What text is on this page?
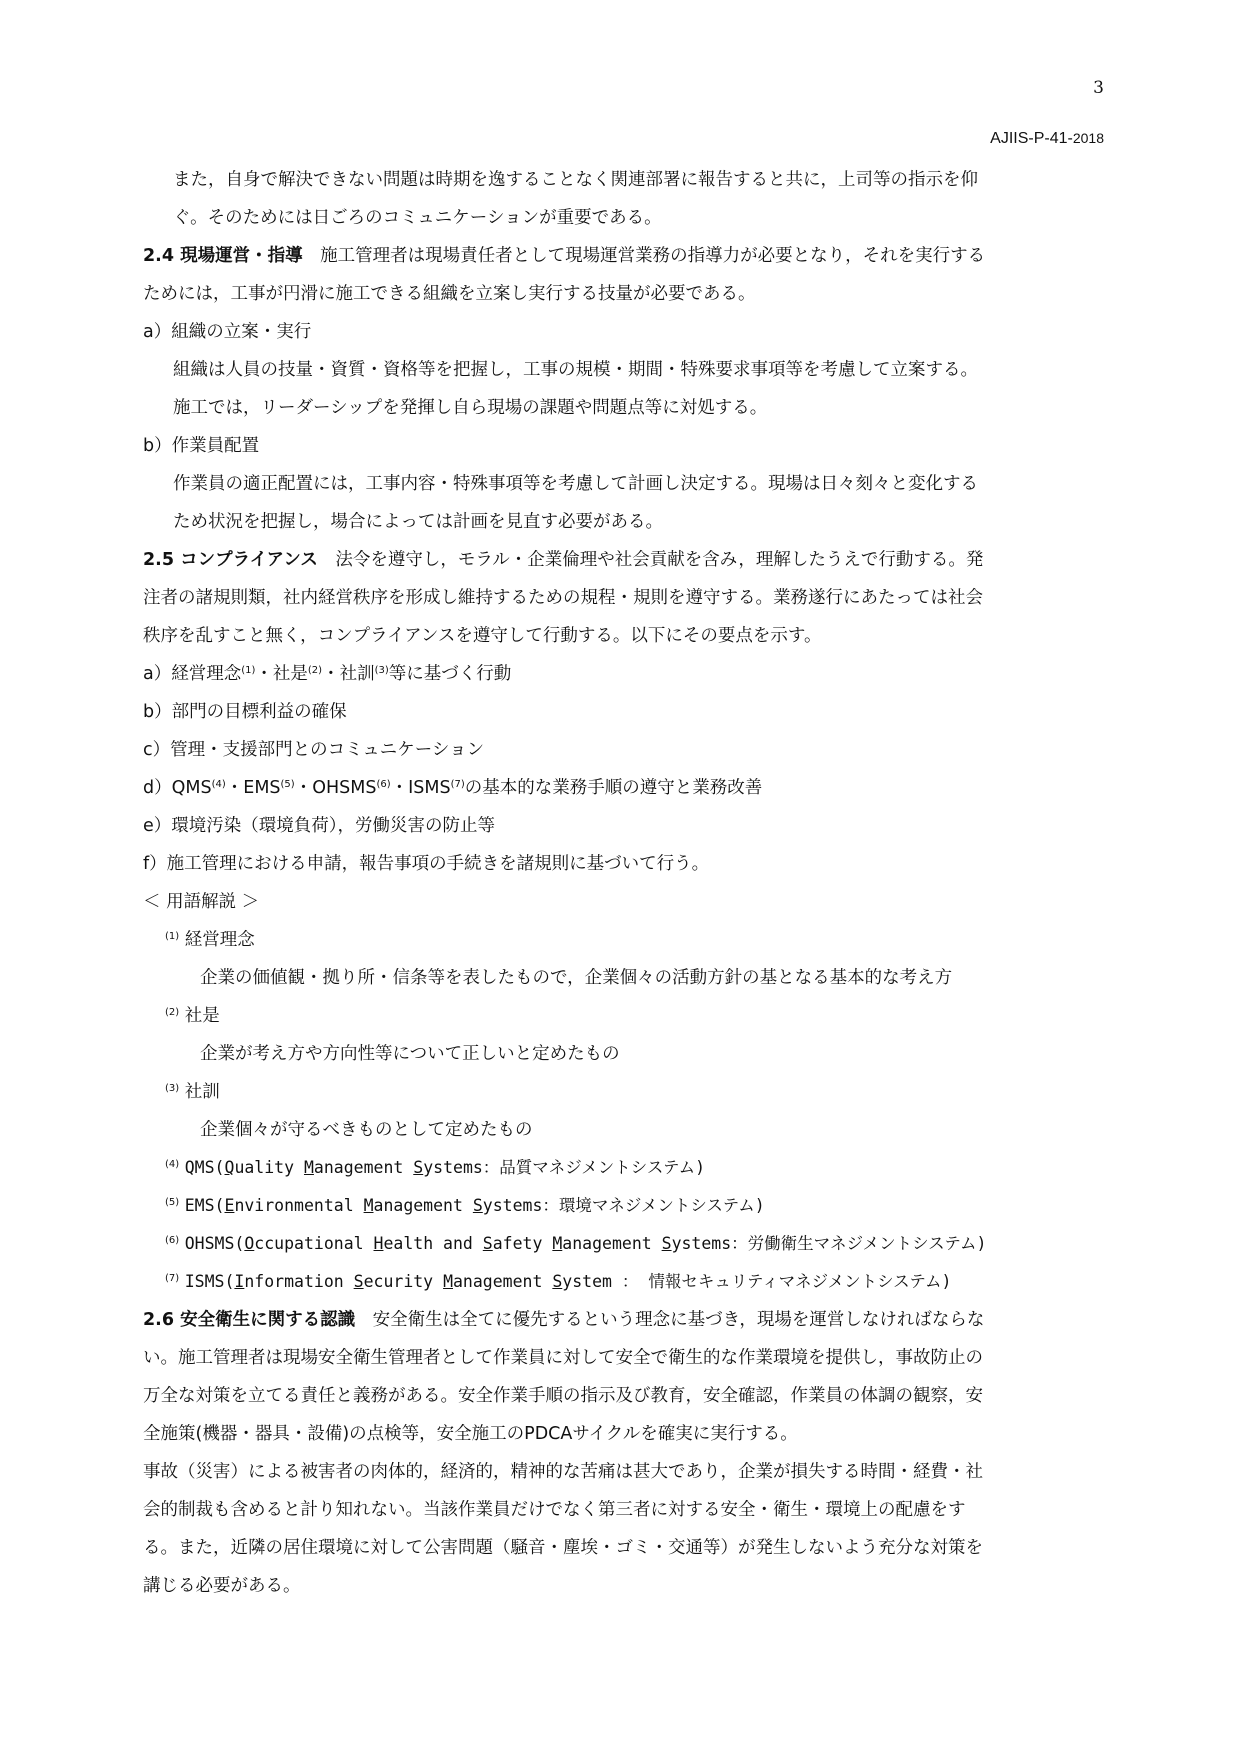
3
AJIIS-P-41-2018
また，自身で解決できない問題は時期を逸することなく関連部署に報告すると共に，上司等の指示を仰
ぐ。そのためには日ごろのコミュニケーションが重要である。
2.4 現場運営・指導　施工管理者は現場責任者として現場運営業務の指導力が必要となり，それを実行する
ためには，工事が円滑に施工できる組織を立案し実行する技量が必要である。
a）組織の立案・実行
組織は人員の技量・資質・資格等を把握し，工事の規模・期間・特殊要求事項等を考慮して立案する。
施工では，リーダーシップを発揮し自ら現場の課題や問題点等に対処する。
b）作業員配置
作業員の適正配置には，工事内容・特殊事項等を考慮して計画し決定する。現場は日々刻々と変化する
ため状況を把握し，場合によっては計画を見直す必要がある。
2.5 コンプライアンス　法令を遵守し，モラル・企業倫理や社会貢献を含み，理解したうえで行動する。発
注者の諸規則類，社内経営秩序を形成し維持するための規程・規則を遵守する。業務遂行にあたっては社会
秩序を乱すこと無く，コンプライアンスを遵守して行動する。以下にその要点を示す。
a）経営理念$^{(1)}$・社是$^{(2)}$・社訓$^{(3)}$等に基づく行動
b）部門の目標利益の確保
c）管理・支援部門とのコミュニケーション
d）QMS$^{(4)}$・EMS$^{(5)}$・OHSMS$^{(6)}$・ISMS$^{(7)}$の基本的な業務手順の遵守と業務改善
e）環境汚染（環境負荷），労働災害の防止等
f）施工管理における申請，報告事項の手続きを諸規則に基づいて行う。
＜ 用語解説 ＞
$^{(1)}$ 経営理念
企業の価値観・拠り所・信条等を表したもので，企業個々の活動方針の基となる基本的な考え方
$^{(2)}$ 社是
企業が考え方や方向性等について正しいと定めたもの
$^{(3)}$ 社訓
企業個々が守るべきものとして定めたもの
$^{(4)}$ QMS(Quality Management Systems：品質マネジメントシステム)
$^{(5)}$ EMS(Environmental Management Systems：環境マネジメントシステム)
$^{(6)}$ OHSMS(Occupational Health and Safety Management Systems：労働衛生マネジメントシステム)
$^{(7)}$ ISMS(Information Security Management System ： 情報セキュリティマネジメントシステム)
2.6 安全衛生に関する認識　安全衛生は全てに優先するという理念に基づき，現場を運営しなければならな
い。施工管理者は現場安全衛生管理者として作業員に対して安全で衛生的な作業環境を提供し，事故防止の
万全な対策を立てる責任と義務がある。安全作業手順の指示及び教育，安全確認，作業員の体調の観察，安
全施策(機器・器具・設備)の点検等，安全施工のPDCAサイクルを確実に実行する。
事故（災害）による被害者の肉体的，経済的，精神的な苦痛は甚大であり，企業が損失する時間・経費・社
会的制裁も含めると計り知れない。当該作業員だけでなく第三者に対する安全・衛生・環境上の配慮をす
る。また，近隣の居住環境に対して公害問題（騒音・塵埃・ゴミ・交通等）が発生しないよう充分な対策を
講じる必要がある。
